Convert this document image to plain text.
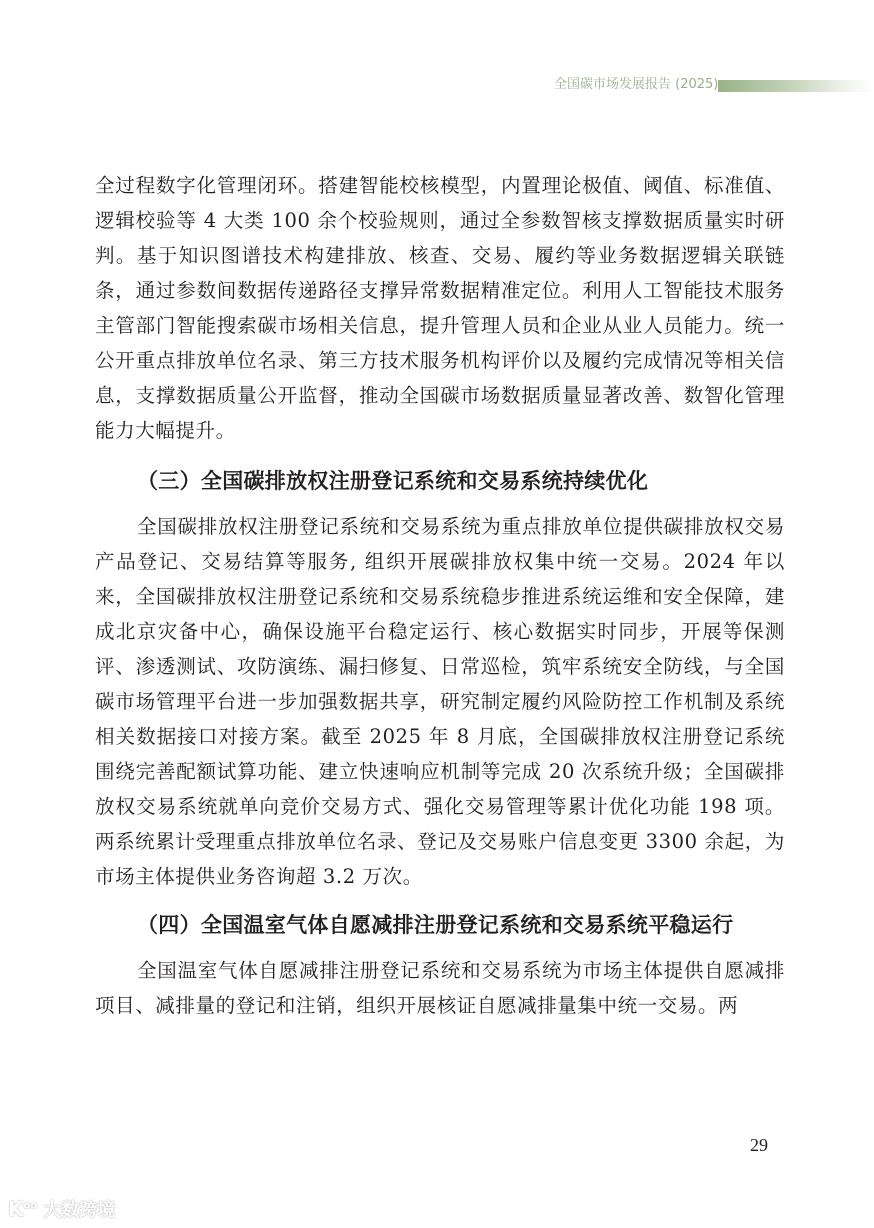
全国碳市场发展报告 (2025)

全过程数字化管理闭环。搭建智能校核模型，内置理论极值、阈值、标准值、逻辑校验等 4 大类 100 余个校验规则，通过全参数智核支撑数据质量实时研判。基于知识图谱技术构建排放、核查、交易、履约等业务数据逻辑关联链条，通过参数间数据传递路径支撑异常数据精准定位。利用人工智能技术服务主管部门智能搜索碳市场相关信息，提升管理人员和企业从业人员能力。统一公开重点排放单位名录、第三方技术服务机构评价以及履约完成情况等相关信息，支撑数据质量公开监督，推动全国碳市场数据质量显著改善、数智化管理能力大幅提升。

（三）全国碳排放权注册登记系统和交易系统持续优化

全国碳排放权注册登记系统和交易系统为重点排放单位提供碳排放权交易产品登记、交易结算等服务, 组织开展碳排放权集中统一交易。2024 年以来，全国碳排放权注册登记系统和交易系统稳步推进系统运维和安全保障，建成北京灾备中心，确保设施平台稳定运行、核心数据实时同步，开展等保测评、渗透测试、攻防演练、漏扫修复、日常巡检，筑牢系统安全防线，与全国碳市场管理平台进一步加强数据共享，研究制定履约风险防控工作机制及系统相关数据接口对接方案。截至 2025 年 8 月底，全国碳排放权注册登记系统围绕完善配额试算功能、建立快速响应机制等完成 20 次系统升级；全国碳排放权交易系统就单向竞价交易方式、强化交易管理等累计优化功能 198 项。两系统累计受理重点排放单位名录、登记及交易账户信息变更 3300 余起，为市场主体提供业务咨询超 3.2 万次。

（四）全国温室气体自愿减排注册登记系统和交易系统平稳运行

全国温室气体自愿减排注册登记系统和交易系统为市场主体提供自愿减排项目、减排量的登记和注销，组织开展核证自愿减排量集中统一交易。两

29
$K^{oo}$ 大数跨境
